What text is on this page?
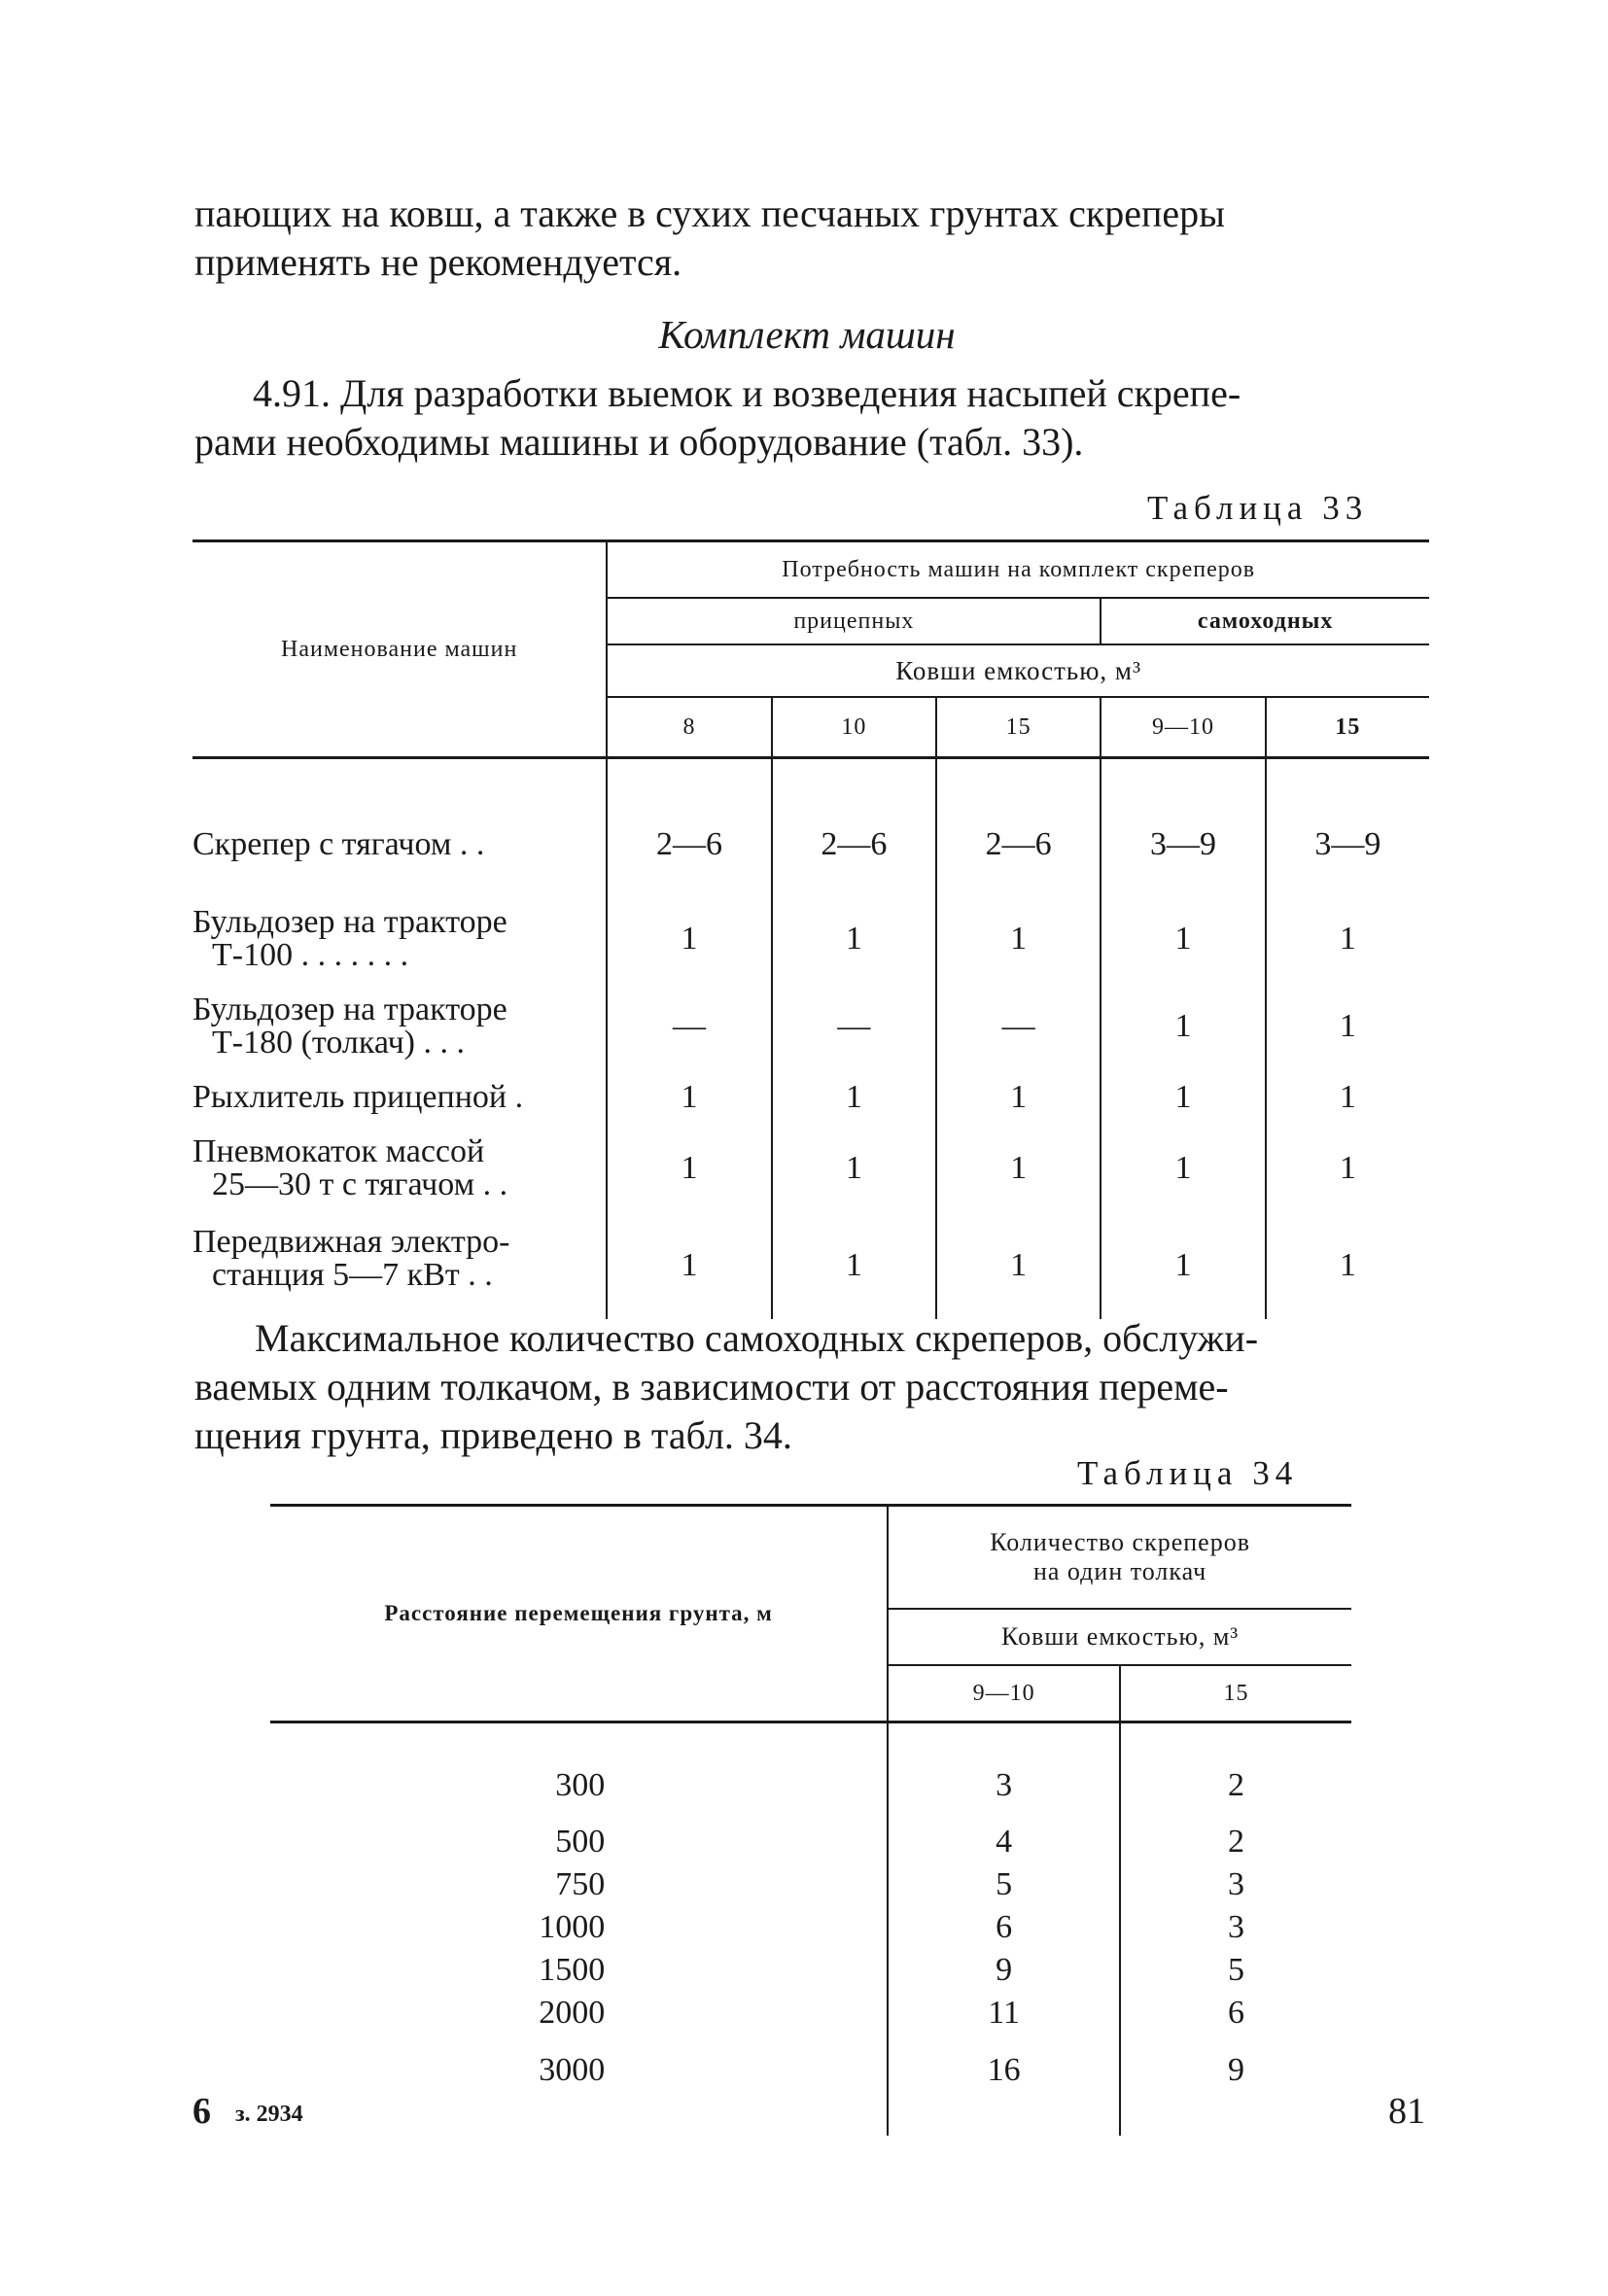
пающих на ковш, а также в сухих песчаных грунтах скреперы
применять не рекомендуется.
Комплект машин
4.91. Для разработки выемок и возведения насыпей скрепе-
рами необходимы машины и оборудование (табл. 33).
Таблица 33
Наименование машин	Потребность машин на комплект скреперов				
	прицепных			самоходных	
	Ковши емкостью, м³				
	8	10	15	9—10	15

Скрепер с тягачом . .	2—6	2—6	2—6	3—9	3—9

Бульдозер на тракторе
Т-100 . . . . . . .	1	1	1	1	1

Бульдозер на тракторе
Т-180 (толкач) . . .	—	—	—	1	1

Рыхлитель прицепной .	1	1	1	1	1

Пневмокаток массой
25—30 т с тягачом . .	1	1	1	1	1

Передвижная электро-
станция 5—7 кВт . .	1	1	1	1	1
Максимальное количество самоходных скреперов, обслужи-
ваемых одним толкачом, в зависимости от расстояния переме-
щения грунта, приведено в табл. 34.
Таблица 34
Расстояние перемещения грунта, м	Количество скреперов
на один толкач	

	Ковши емкостью, м³	
	9—10	15
300	3	2
500	4	2
750	5	3
1000	6	3
1500	9	5
2000	11	6
3000	16	9
6 з. 2934	81
